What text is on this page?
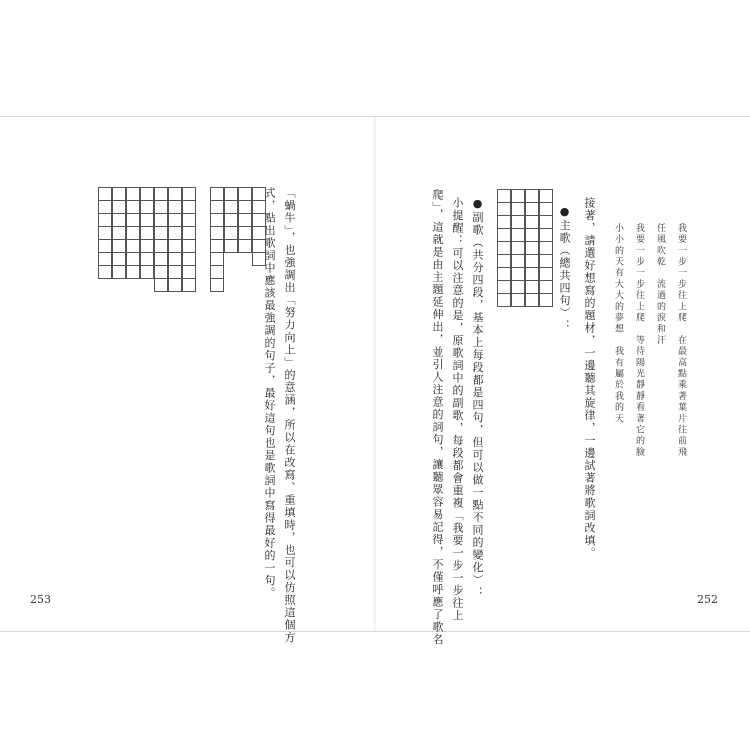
我要一步一步往上爬　在最高點乘著葉片往前飛
任風吹乾　流過的淚和汗
我要一步一步往上爬　等待陽光靜靜看著它的臉
小小的天有大大的夢想　我有屬於我的天
接著，請選好想寫的題材，一邊聽其旋律，一邊試著將歌詞改填。
●主歌（總共四句）：
●副歌（共分四段，基本上每段都是四句，但可以做一點不同的變化）：
小提醒：可以注意的是，原歌詞中的副歌，每段都會重複「我要一步一步往上
爬」，這就是由主題延伸出，並引人注意的詞句，讓聽眾容易記得，不僅呼應了歌名	252
「蝸牛」，也強調出「努力向上」的意涵，所以在改寫、重填時，也可以仿照這個方
式，點出歌詞中應該最強調的句子，最好這句也是歌詞中寫得最好的一句。
253
